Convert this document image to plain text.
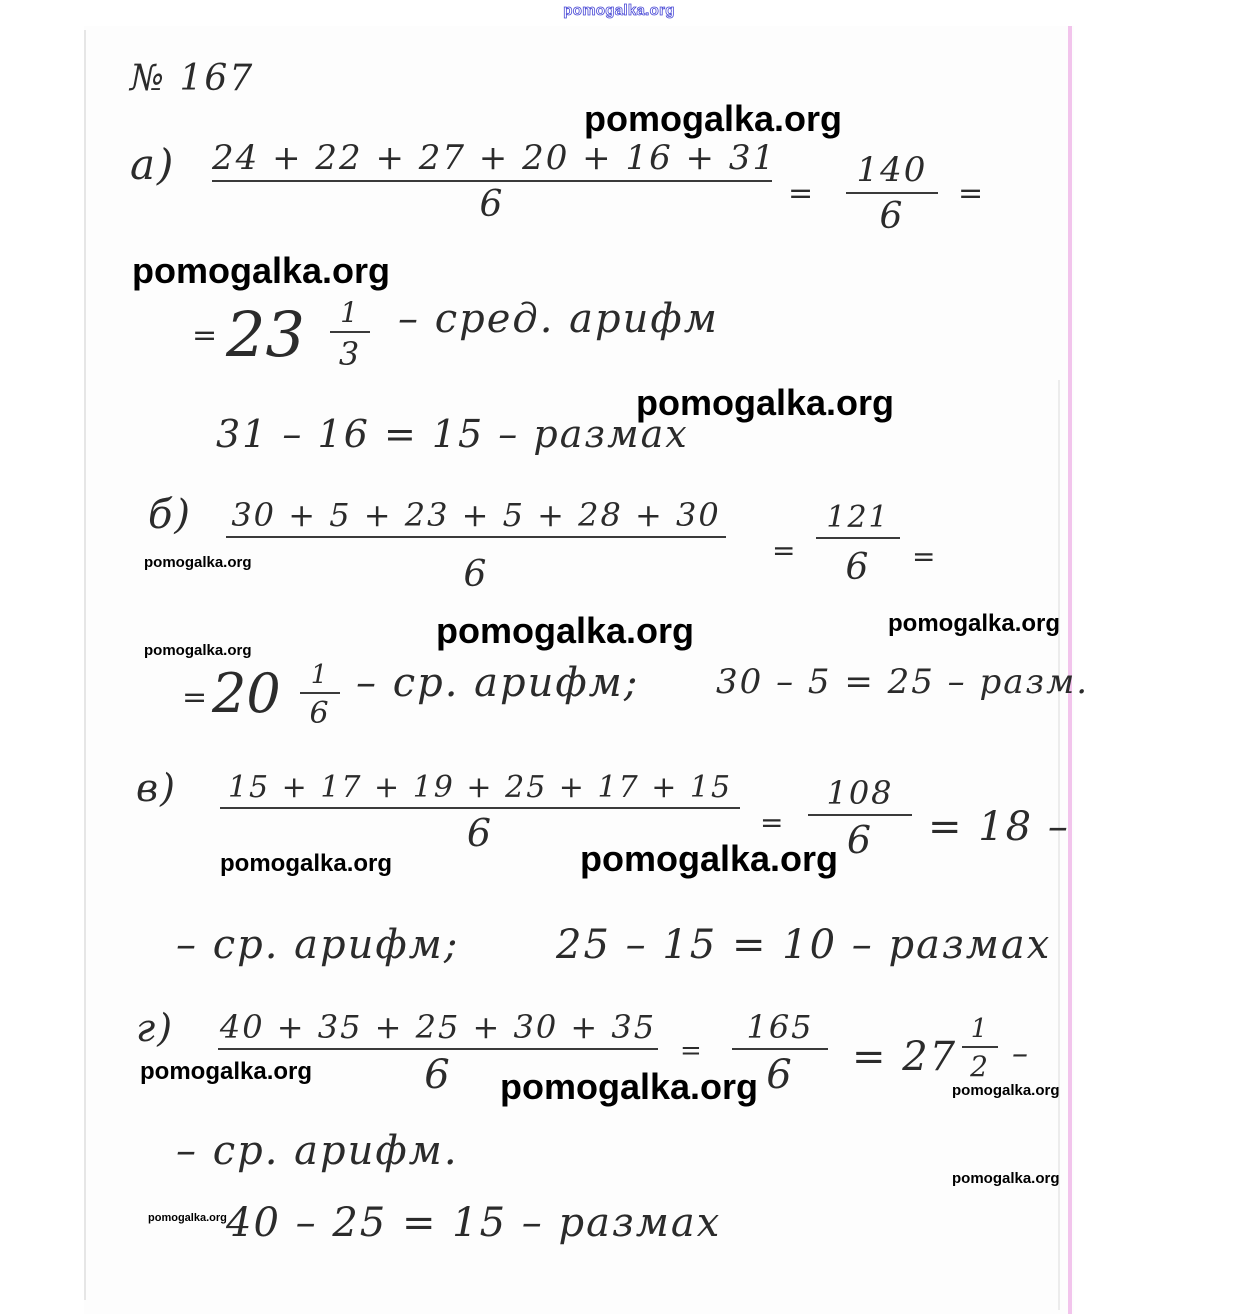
pomogalka.org
№ 167
а) 24 + 22 + 27 + 20 + 16 + 31
6	=
140
6
=
= 23	1
3
– сред. арифм
31 – 16 = 15 – размах
б) 30 + 5 + 23 + 5 + 28 + 30
6
=
121
6	=
= 20	1
6
– ср. арифм; 30 – 5 = 25 – разм.
в) 15 + 17 + 19 + 25 + 17 + 15
6	=
108
6	= 18 –
– ср. арифм; 25 – 15 = 10 – размах
г) 40 + 35 + 25 + 30 + 35
6
=
165
6	= 27
1
2 –
– ср. арифм.
40 – 25 = 15 – размах
pomogalka.org
pomogalka.org
pomogalka.org
pomogalka.org
pomogalka.org	pomogalka.org
pomogalka.org
pomogalka.org	pomogalka.org
pomogalka.org	pomogalka.org	pomogalka.org
pomogalka.org
pomogalka.org
